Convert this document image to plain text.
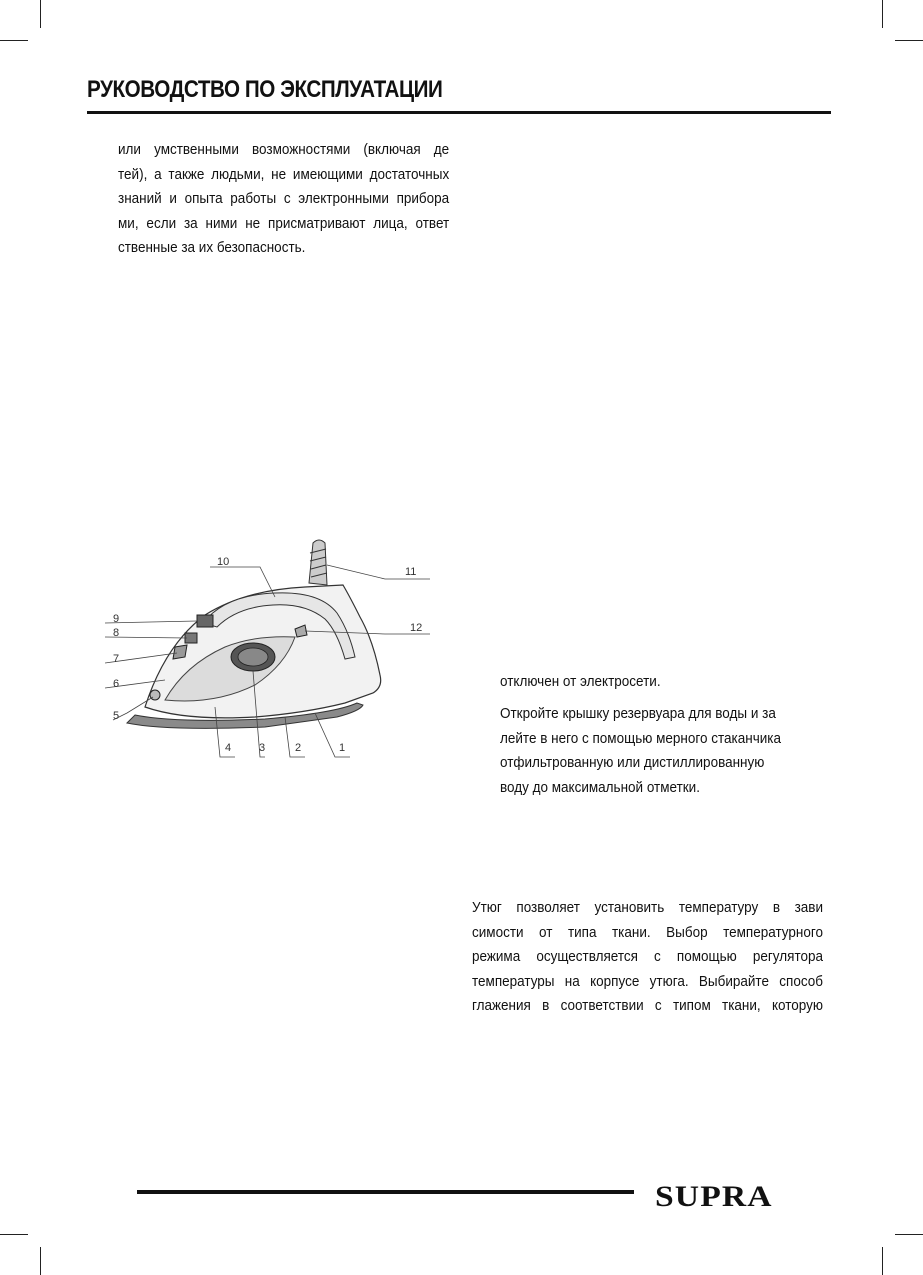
РУКОВОДСТВО ПО ЭКСПЛУАТАЦИИ
или умственными возможностями (включая де
тей), а также людьми, не имеющими достаточных
знаний и опыта работы с электронными прибора
ми, если за ними не присматривают лица, ответ
ственные за их безопасность.
1
2
3
4
5
6
7
8
9
10
11
12
отключен от электросети.
Откройте крышку резервуара для воды и за
лейте в него с помощью мерного стаканчика
отфильтрованную или дистиллированную
воду до максимальной отметки.
Утюг позволяет установить температуру в зави
симости от типа ткани. Выбор температурного
режима осуществляется с помощью регулятора
температуры на корпусе утюга. Выбирайте способ
глажения в соответствии с типом ткани, которую
SUPRA
